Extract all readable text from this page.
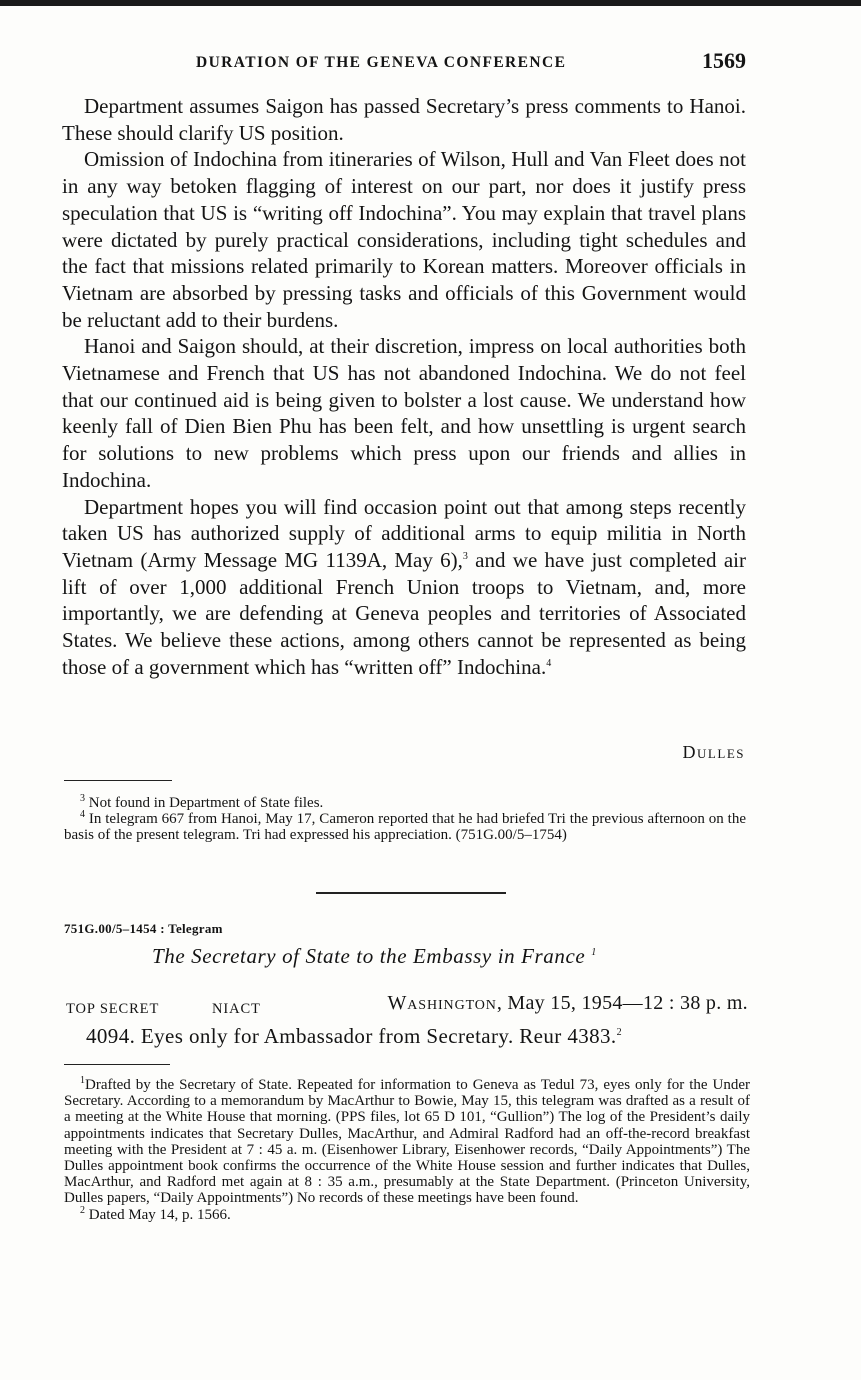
DURATION OF THE GENEVA CONFERENCE	1569

Department assumes Saigon has passed Secretary’s press comments to Hanoi. These should clarify US position.

Omission of Indochina from itineraries of Wilson, Hull and Van Fleet does not in any way betoken flagging of interest on our part, nor does it justify press speculation that US is “writing off Indochina”. You may explain that travel plans were dictated by purely practical considerations, including tight schedules and the fact that missions related primarily to Korean matters. Moreover officials in Vietnam are absorbed by pressing tasks and officials of this Government would be reluctant add to their burdens.

Hanoi and Saigon should, at their discretion, impress on local authorities both Vietnamese and French that US has not abandoned Indochina. We do not feel that our continued aid is being given to bolster a lost cause. We understand how keenly fall of Dien Bien Phu has been felt, and how unsettling is urgent search for solutions to new problems which press upon our friends and allies in Indochina.

Department hopes you will find occasion point out that among steps recently taken US has authorized supply of additional arms to equip militia in North Vietnam (Army Message MG 1139A, May 6),$^3$ and we have just completed air lift of over 1,000 additional French Union troops to Vietnam, and, more importantly, we are defending at Geneva peoples and territories of Associated States. We believe these actions, among others cannot be represented as being those of a government which has “written off” Indochina.$^4$

Dulles

$^3$ Not found in Department of State files.

$^4$ In telegram 667 from Hanoi, May 17, Cameron reported that he had briefed Tri the previous afternoon on the basis of the present telegram. Tri had expressed his appreciation. (751G.00/5–1754)

751G.00/5–1454 : Telegram
The Secretary of State to the Embassy in France $^1$
TOP SECRET	NIACT	Washington, May 15, 1954—12 : 38 p. m.
4094. Eyes only for Ambassador from Secretary. Reur 4383.$^2$

$^1$Drafted by the Secretary of State. Repeated for information to Geneva as Tedul 73, eyes only for the Under Secretary. According to a memorandum by MacArthur to Bowie, May 15, this telegram was drafted as a result of a meeting at the White House that morning. (PPS files, lot 65 D 101, “Gullion”) The log of the President’s daily appointments indicates that Secretary Dulles, MacArthur, and Admiral Radford had an off-the-record breakfast meeting with the President at 7 : 45 a. m. (Eisenhower Library, Eisenhower records, “Daily Appointments”) The Dulles appointment book confirms the occurrence of the White House session and further indicates that Dulles, MacArthur, and Radford met again at 8 : 35 a.m., presumably at the State Department. (Princeton University, Dulles papers, “Daily Appointments”) No records of these meetings have been found.

$^2$ Dated May 14, p. 1566.
